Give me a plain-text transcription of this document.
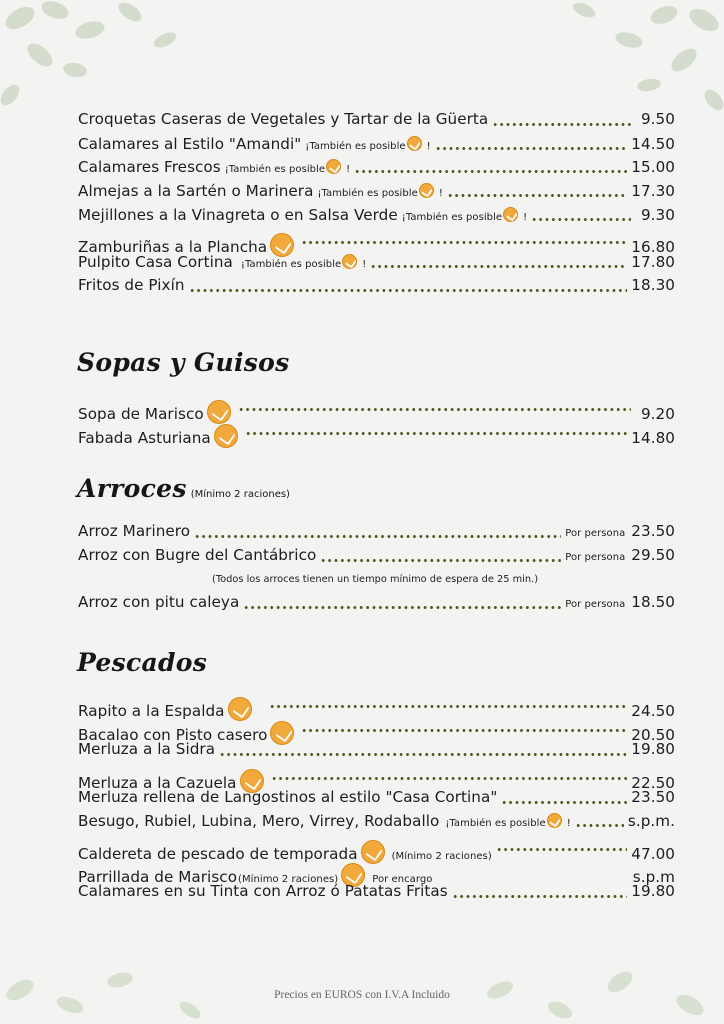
Croquetas Caseras de Vegetales y Tartar de la Güerta	9.50
Calamares al Estilo "Amandi" ¡También es posible !	14.50
Calamares Frescos ¡También es posible !	15.00
Almejas a la Sartén o Marinera ¡También es posible !	17.30
Mejillones a la Vinagreta o en Salsa Verde ¡También es posible !	9.30
Zamburiñas a la Plancha	16.80
Pulpito Casa Cortina ¡También es posible !	17.80
Fritos de Pixín	18.30
Sopas y Guisos
Sopa de Marisco	9.20
Fabada Asturiana	14.80
Arroces (Mínimo 2 raciones)
Arroz Marinero	Por persona 23.50
Arroz con Bugre del Cantábrico	Por persona 29.50
(Todos los arroces tienen un tiempo mínimo de espera de 25 min.)
Arroz con pitu caleya	Por persona 18.50
Pescados
Rapito a la Espalda	24.50
Bacalao con Pisto casero	20.50
Merluza a la Sidra	19.80
Merluza a la Cazuela	22.50
Merluza rellena de Langostinos al estilo "Casa Cortina"	23.50
Besugo, Rubiel, Lubina, Mero, Virrey, Rodaballo ¡También es posible !	s.p.m.
Caldereta de pescado de temporada	(Mínimo 2 raciones)	47.00
Parrillada de Marisco (Mínimo 2 raciones)	Por encargo	s.p.m
Calamares en su Tinta con Arroz ó Patatas Fritas	19.80
Precios en EUROS con I.V.A Incluido
